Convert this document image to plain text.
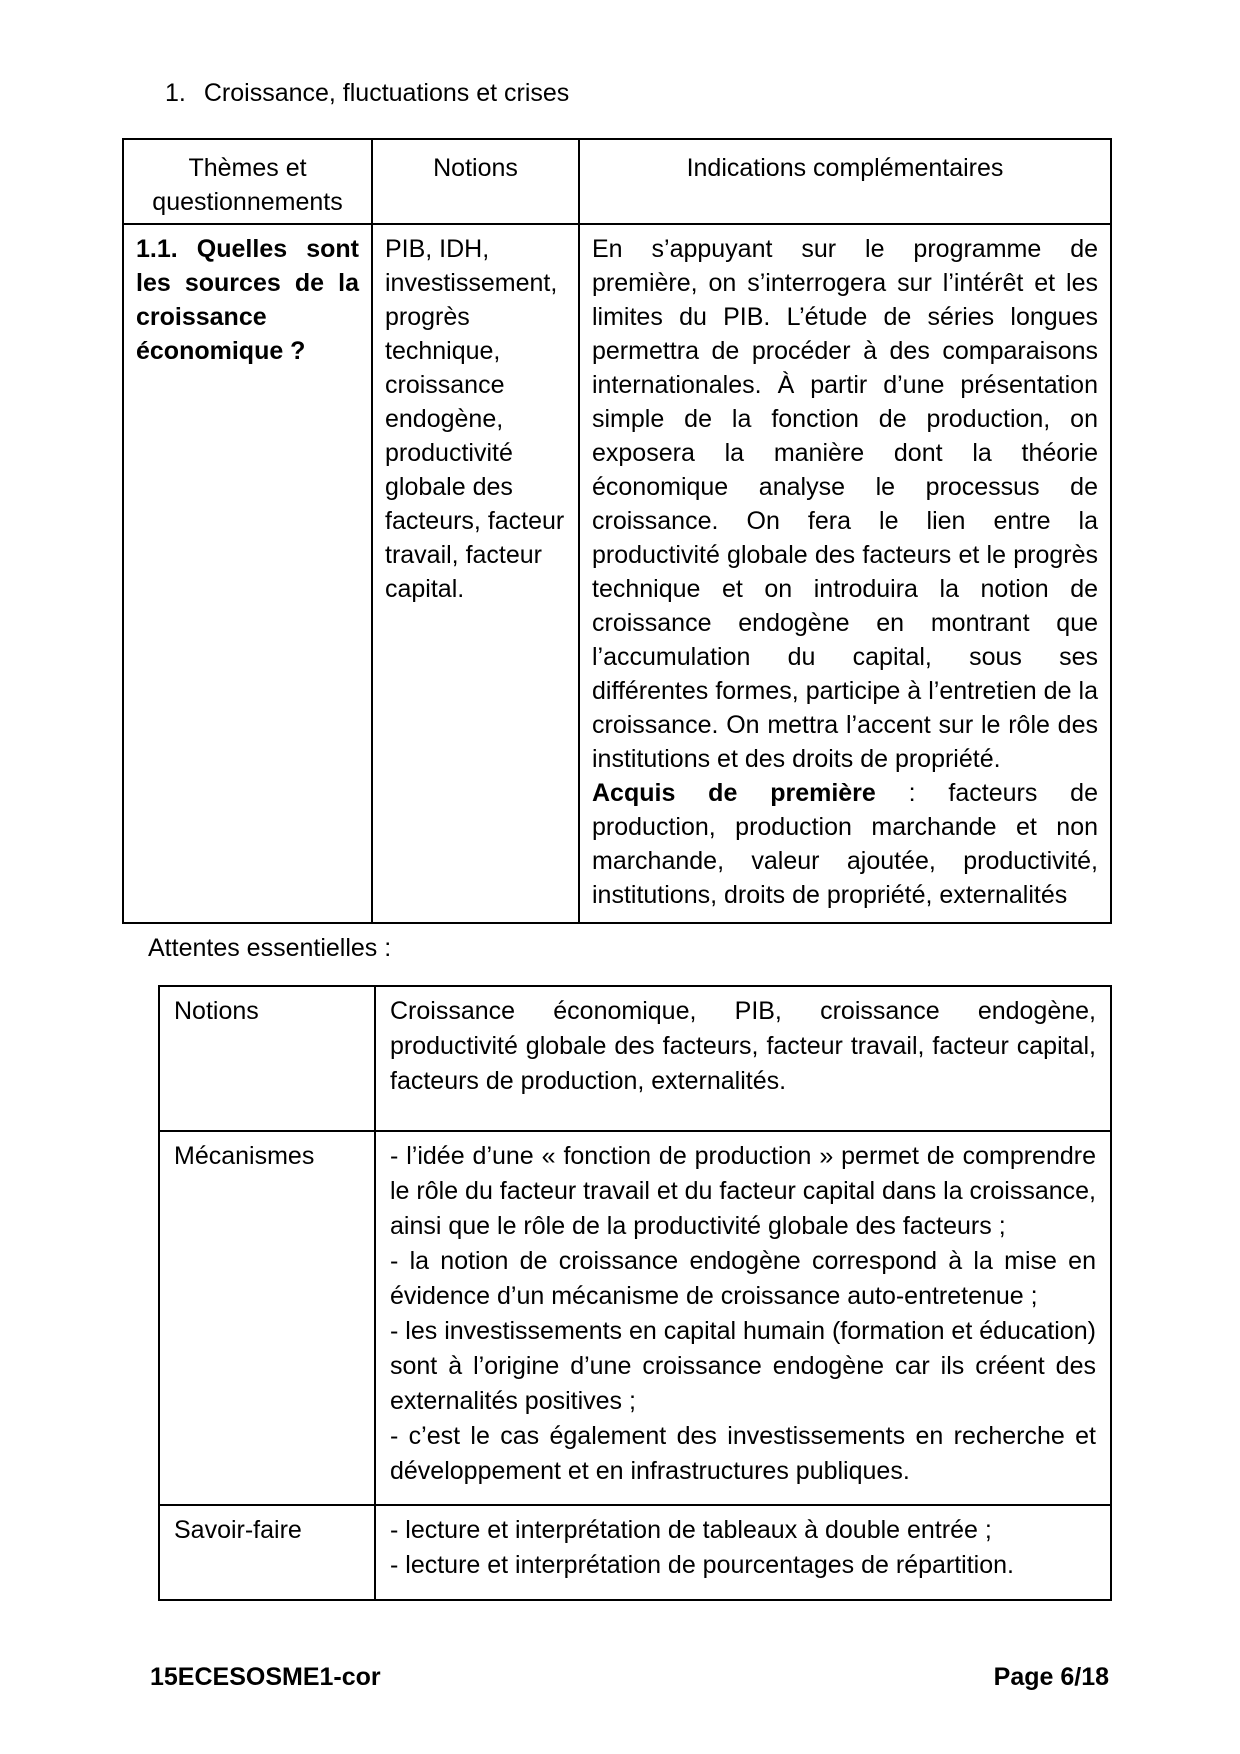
1. Croissance, fluctuations et crises
Thèmes et questionnements	Notions	Indications complémentaires
1.1. Quelles sont les sources de la croissance économique ?	PIB, IDH, investissement, progrès technique, croissance endogène, productivité globale des facteurs, facteur travail, facteur capital.	En s’appuyant sur le programme de première, on s’interrogera sur l’intérêt et les limites du PIB. L’étude de séries longues permettra de procéder à des comparaisons internationales. À partir d’une présentation simple de la fonction de production, on exposera la manière dont la théorie économique analyse le processus de croissance. On fera le lien entre la productivité globale des facteurs et le progrès technique et on introduira la notion de croissance endogène en montrant que l’accumulation du capital, sous ses différentes formes, participe à l’entretien de la croissance. On mettra l’accent sur le rôle des institutions et des droits de propriété.
Acquis de première : facteurs de production, production marchande et non marchande, valeur ajoutée, productivité, institutions, droits de propriété, externalités
Attentes essentielles :
Notions	Croissance économique, PIB, croissance endogène, productivité globale des facteurs, facteur travail, facteur capital, facteurs de production, externalités.

Mécanismes	- l’idée d’une « fonction de production » permet de comprendre le rôle du facteur travail et du facteur capital dans la croissance, ainsi que le rôle de la productivité globale des facteurs ;
- la notion de croissance endogène correspond à la mise en évidence d’un mécanisme de croissance auto-entretenue ;
- les investissements en capital humain (formation et éducation) sont à l’origine d’une croissance endogène car ils créent des externalités positives ;
- c’est le cas également des investissements en recherche et développement et en infrastructures publiques.

Savoir-faire	- lecture et interprétation de tableaux à double entrée ;
- lecture et interprétation de pourcentages de répartition.
15ECESOSME1-cor	Page 6/18
